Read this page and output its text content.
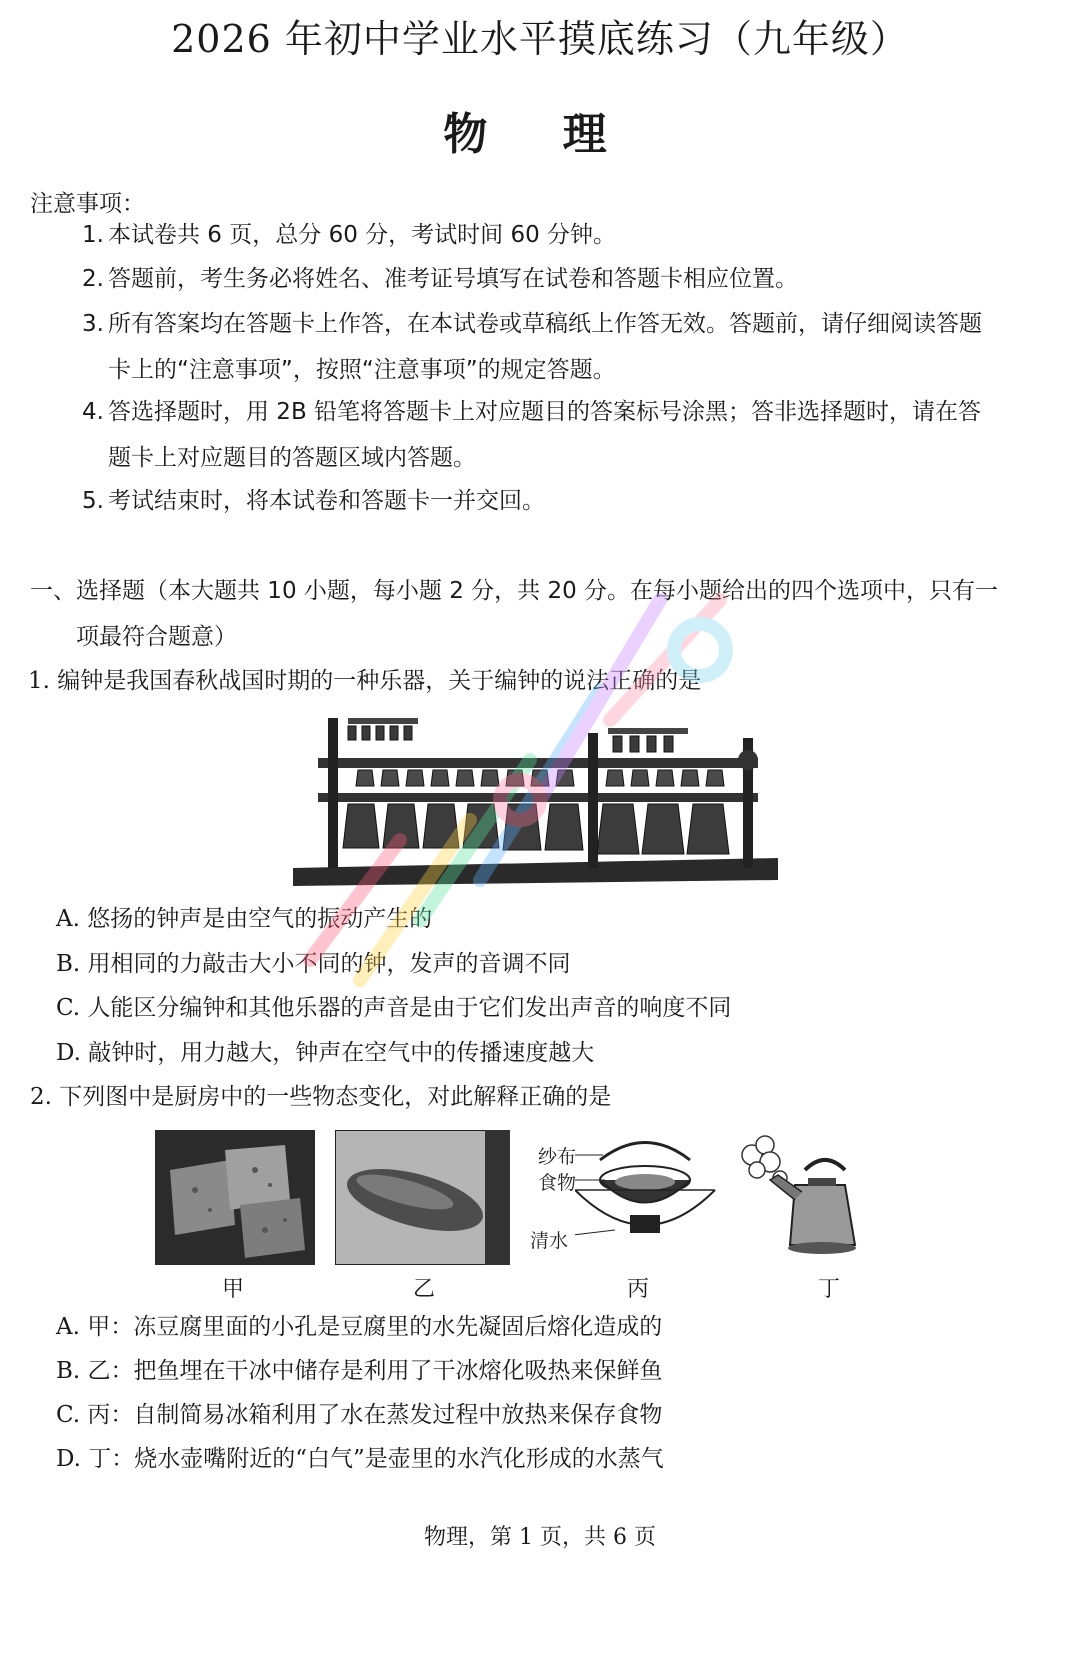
2026 年初中学业水平摸底练习（九年级）
物 理
注意事项：
1. 本试卷共 6 页，总分 60 分，考试时间 60 分钟。
2. 答题前，考生务必将姓名、准考证号填写在试卷和答题卡相应位置。
3. 所有答案均在答题卡上作答，在本试卷或草稿纸上作答无效。答题前，请仔细阅读答题
卡上的“注意事项”，按照“注意事项”的规定答题。
4. 答选择题时，用 2B 铅笔将答题卡上对应题目的答案标号涂黑；答非选择题时，请在答
题卡上对应题目的答题区域内答题。
5. 考试结束时，将本试卷和答题卡一并交回。
一、选择题（本大题共 10 小题，每小题 2 分，共 20 分。在每小题给出的四个选项中，只有一
项最符合题意）
1. 编钟是我国春秋战国时期的一种乐器，关于编钟的说法正确的是
A. 悠扬的钟声是由空气的振动产生的
B. 用相同的力敲击大小不同的钟，发声的音调不同
C. 人能区分编钟和其他乐器的声音是由于它们发出声音的响度不同
D. 敲钟时，用力越大，钟声在空气中的传播速度越大
2. 下列图中是厨房中的一些物态变化，对此解释正确的是
纱布
食物
清水
甲	乙	丙	丁
A. 甲：冻豆腐里面的小孔是豆腐里的水先凝固后熔化造成的
B. 乙：把鱼埋在干冰中储存是利用了干冰熔化吸热来保鲜鱼
C. 丙：自制简易冰箱利用了水在蒸发过程中放热来保存食物
D. 丁：烧水壶嘴附近的“白气”是壶里的水汽化形成的水蒸气
物理，第 1 页，共 6 页
